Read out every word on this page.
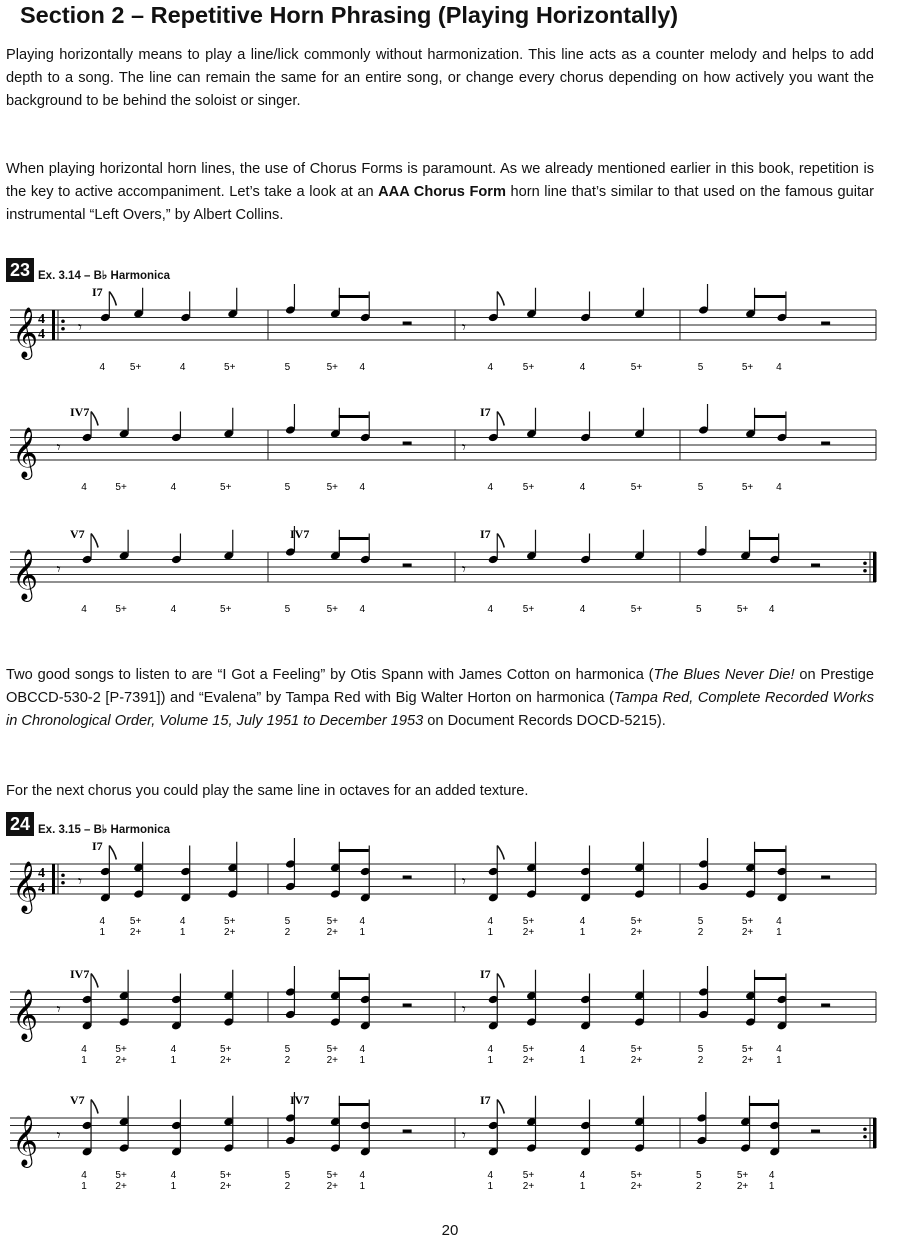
Section 2 – Repetitive Horn Phrasing (Playing Horizontally)

Playing horizontally means to play a line/lick commonly without harmonization. This line acts as a counter melody and helps to add depth to a song. The line can remain the same for an entire song, or change every chorus depending on how actively you want the background to be behind the soloist or singer.

When playing horizontal horn lines, the use of Chorus Forms is paramount. As we already mentioned earlier in this book, repetition is the key to active accompaniment. Let’s take a look at an AAA Chorus Form horn line that’s similar to that used on the famous guitar instrumental “Left Overs,” by Albert Collins.

23 Ex. 3.14 – B♭ Harmonica
𝄞 4
4
I7
𝄾
4 5+	4	5+	5	5+ 4
𝄾
4	5+	4	5+	5	5+ 4
𝄞
IV7	I7
𝄾
4	5+	4	5+	5	5+ 4
𝄾
4	5+	4	5+	5	5+ 4
𝄞
V7	IV7	I7
𝄾
4	5+	4	5+	5	5+ 4
𝄾
4	5+	4	5+	5	5+ 4

Two good songs to listen to are “I Got a Feeling” by Otis Spann with James Cotton on harmonica (The Blues Never Die! on Prestige OBCCD-530-2 [P-7391]) and “Evalena” by Tampa Red with Big Walter Horton on harmonica (Tampa Red, Complete Recorded Works in Chronological Order, Volume 15, July 1951 to December 1953 on Document Records DOCD-5215).

For the next chorus you could play the same line in octaves for an added texture.

24 Ex. 3.15 – B♭ Harmonica
𝄞 4
4
I7
𝄾
4
1
5+
2+
4
1
5+
2+
5
2
5+
2+
4
1
𝄾
4
1
5+
2+
4
1
5+
2+
5
2
5+
2+
4
1
𝄞
IV7	I7
𝄾
4
1
5+
2+
4
1
5+
2+
5
2
5+
2+
4
1
𝄾
4
1
5+
2+
4
1
5+
2+
5
2
5+
2+
4
1
𝄞
V7	IV7	I7
𝄾
4
1
5+
2+
4
1
5+
2+
5
2
5+
2+
4
1
𝄾
4
1
5+
2+
4
1
5+
2+
5
2
5+
2+
4
1
20
